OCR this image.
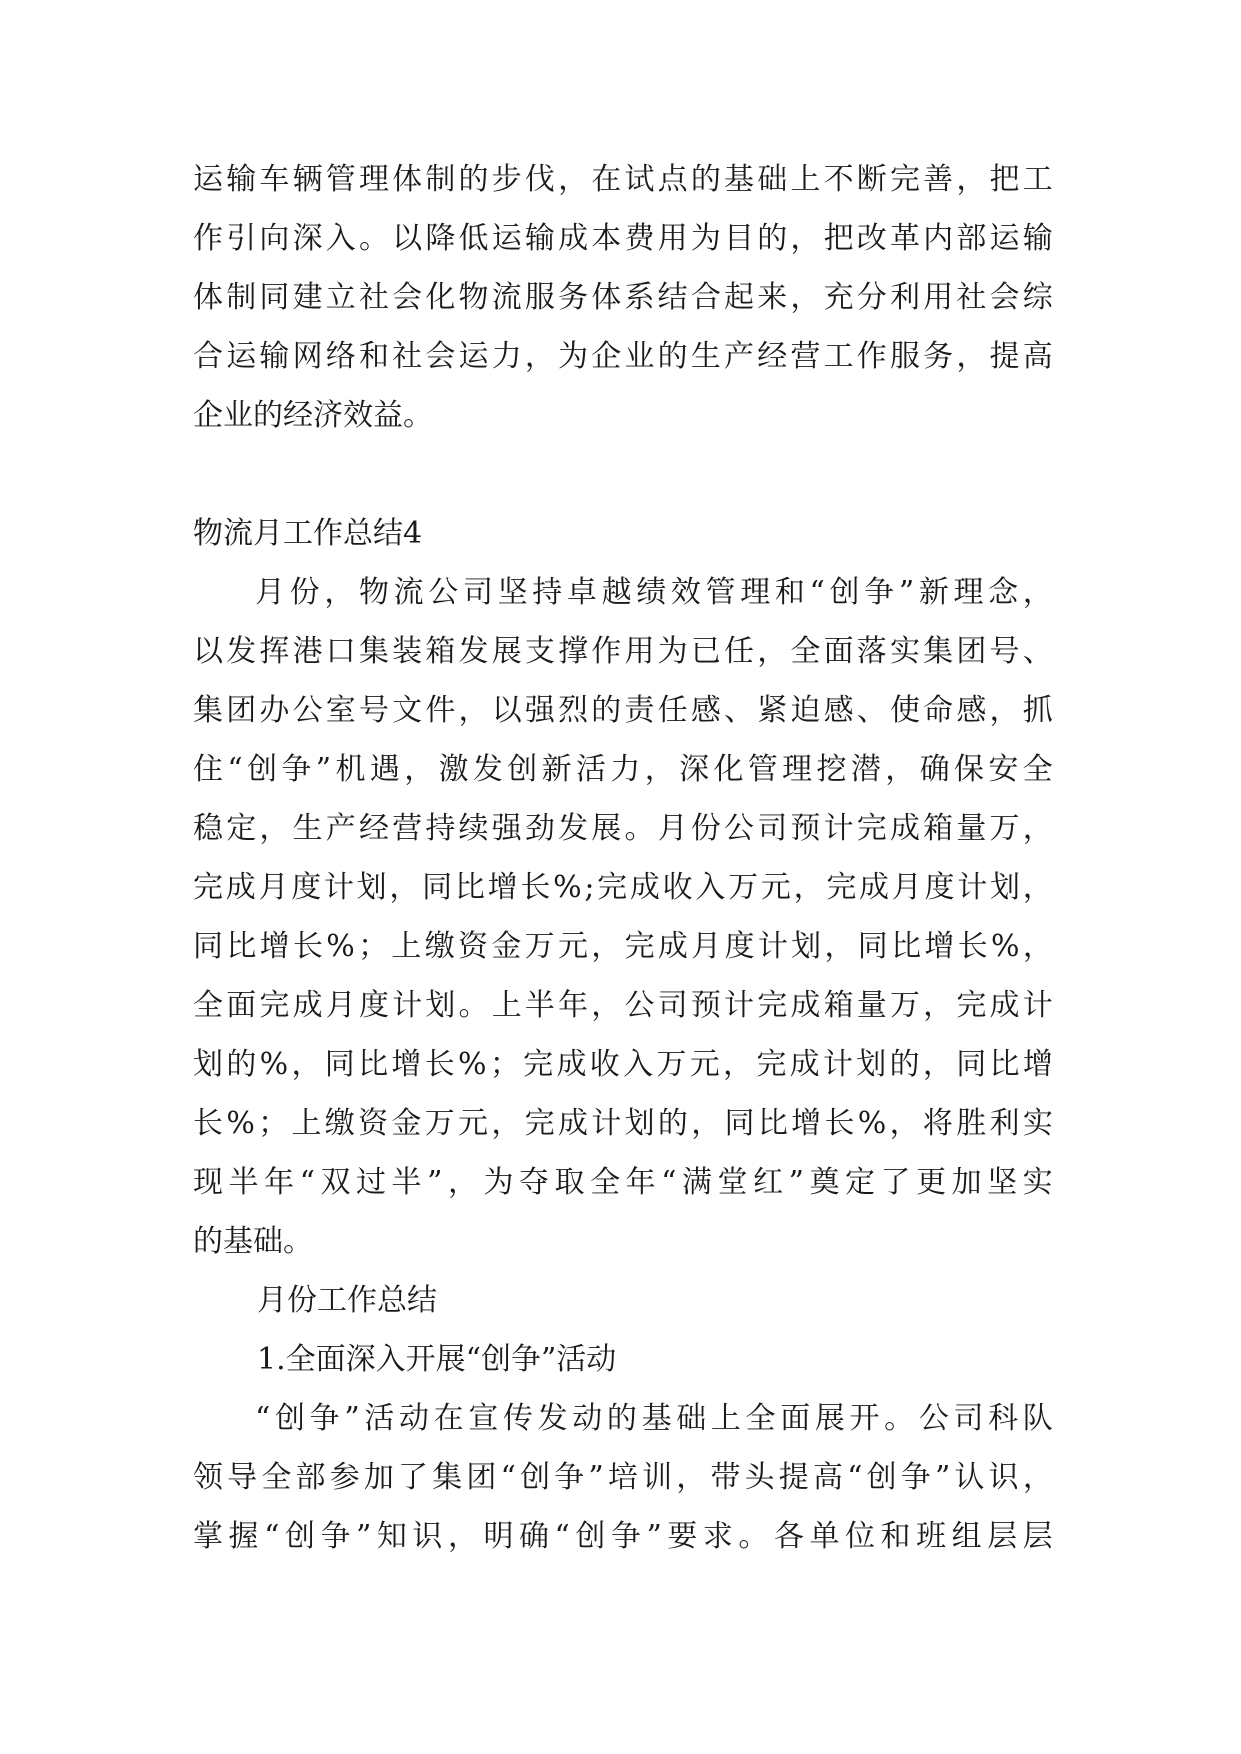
运 输 车 辆 管 理 体 制 的 步 伐 ， 在 试 点 的 基 础 上 不 断 完 善 ， 把 工
作 引 向 深 入 。 以 降 低 运 输 成 本 费 用 为 目 的 ， 把 改 革 内 部 运 输
体 制 同 建 立 社 会 化 物 流 服 务 体 系 结 合 起 来 ， 充 分 利 用 社 会 综
合 运 输 网 络 和 社 会 运 力 ， 为 企 业 的 生 产 经 营 工 作 服 务 ， 提 高
企业的经济效益。
物流月工作总结4
月 份 ， 物 流 公 司 坚 持 卓 越 绩 效 管 理 和 “ 创 争 ” 新 理 念 ，
以 发 挥 港 口 集 装 箱 发 展 支 撑 作 用 为 已 任 ， 全 面 落 实 集 团 号 、
集 团 办 公 室 号 文 件 ， 以 强 烈 的 责 任 感 、 紧 迫 感 、 使 命 感 ， 抓
住 “ 创 争 ” 机 遇 ， 激 发 创 新 活 力 ， 深 化 管 理 挖 潜 ， 确 保 安 全
稳 定 ， 生 产 经 营 持 续 强 劲 发 展 。 月 份 公 司 预 计 完 成 箱 量 万 ，
完 成 月 度 计 划 ， 同 比 增 长 % ; 完 成 收 入 万 元 ， 完 成 月 度 计 划 ，
同 比 增 长 % ； 上 缴 资 金 万 元 ， 完 成 月 度 计 划 ， 同 比 增 长 % ，
全 面 完 成 月 度 计 划 。 上 半 年 ， 公 司 预 计 完 成 箱 量 万 ， 完 成 计
划 的 % ， 同 比 增 长 % ； 完 成 收 入 万 元 ， 完 成 计 划 的 ， 同 比 增
长 % ； 上 缴 资 金 万 元 ， 完 成 计 划 的 ， 同 比 增 长 % ， 将 胜 利 实
现 半 年 “ 双 过 半 ” ， 为 夺 取 全 年 “ 满 堂 红 ” 奠 定 了 更 加 坚 实
的基础。
月份工作总结
1.全面深入开展“创争”活动
“ 创 争 ” 活 动 在 宣 传 发 动 的 基 础 上 全 面 展 开 。 公 司 科 队
领 导 全 部 参 加 了 集 团 “ 创 争 ” 培 训 ， 带 头 提 高 “ 创 争 ” 认 识 ，
掌 握 “ 创 争 ” 知 识 ， 明 确 “ 创 争 ” 要 求 。 各 单 位 和 班 组 层 层
